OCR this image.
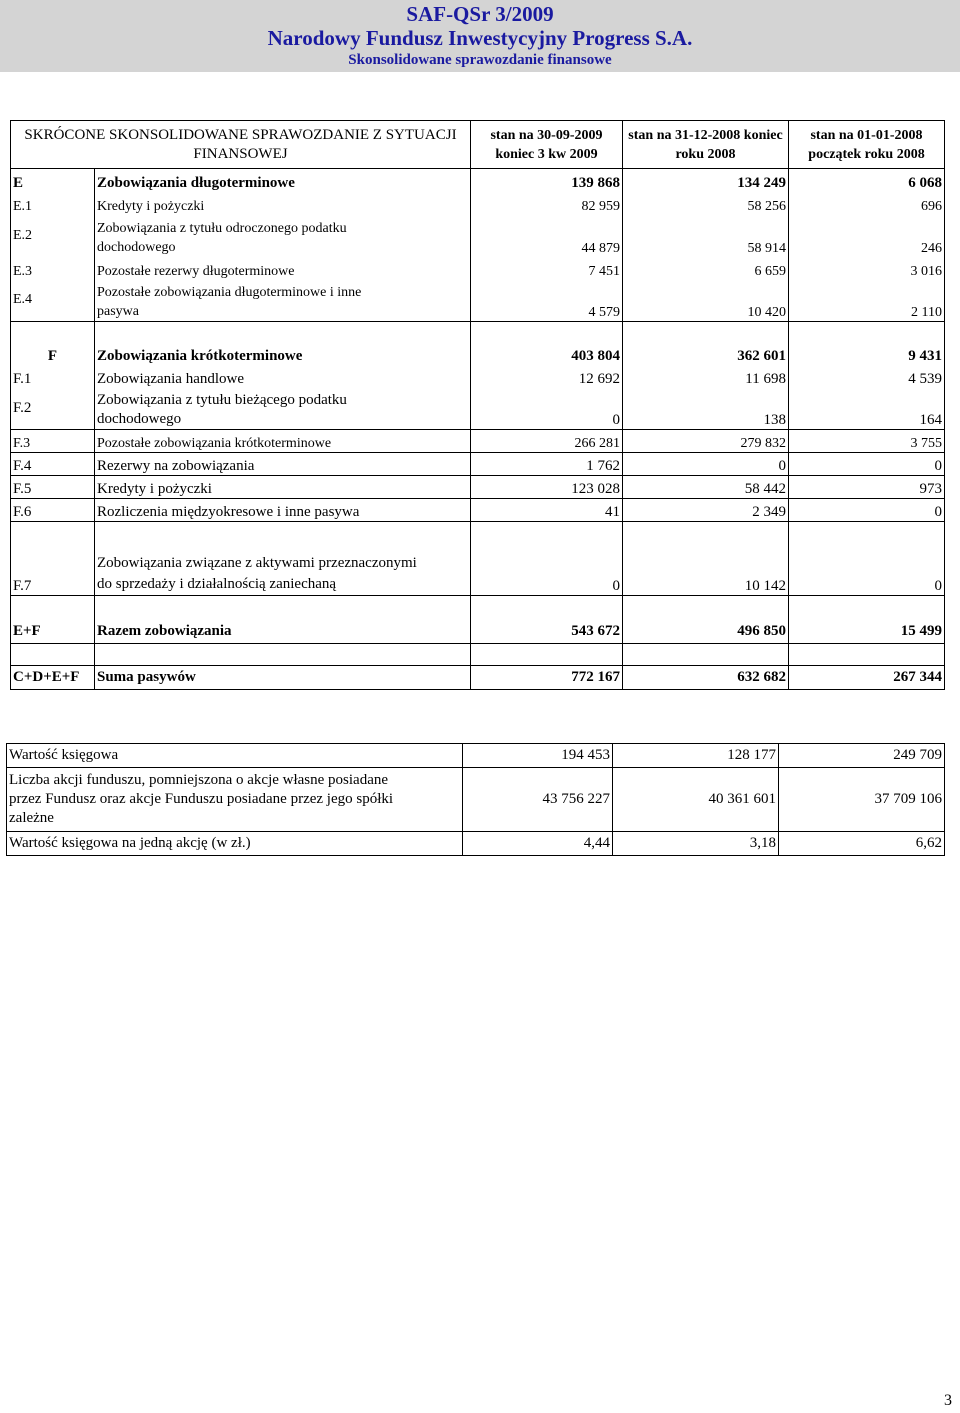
SAF-QSr 3/2009
Narodowy Fundusz Inwestycyjny Progress S.A.
Skonsolidowane sprawozdanie finansowe
SKRÓCONE SKONSOLIDOWANE SPRAWOZDANIE Z SYTUACJI FINANSOWEJ		stan na 30-09-2009 koniec 3 kw 2009	stan na 31-12-2008 koniec roku 2008	stan na 01-01-2008 początek roku 2008
E	Zobowiązania długoterminowe	139 868	134 249	6 068
E.1	Kredyty i pożyczki	82 959	58 256	696
E.2	Zobowiązania z tytułu odroczonego podatku
dochodowego	44 879	58 914	246
E.3	Pozostałe rezerwy długoterminowe	7 451	6 659	3 016
E.4	Pozostałe zobowiązania długoterminowe i inne
pasywa	4 579	10 420	2 110

F	Zobowiązania krótkoterminowe	403 804	362 601	9 431
F.1	Zobowiązania handlowe	12 692	11 698	4 539
F.2	Zobowiązania z tytułu bieżącego podatku
dochodowego	0	138	164
F.3	Pozostałe zobowiązania krótkoterminowe	266 281	279 832	3 755
F.4	Rezerwy na zobowiązania	1 762	0	0
F.5	Kredyty i pożyczki	123 028	58 442	973
F.6	Rozliczenia międzyokresowe i inne pasywa	41	2 349	0
F.7	Zobowiązania związane z aktywami przeznaczonymi
do sprzedaży i działalnością zaniechaną	0	10 142	0

E+F	Razem zobowiązania	543 672	496 850	15 499

C+D+E+F	Suma pasywów	772 167	632 682	267 344
Wartość księgowa	194 453	128 177	249 709

Liczba akcji funduszu, pomniejszona o akcje własne posiadane
przez Fundusz oraz akcje Funduszu posiadane przez jego spółki
zależne	43 756 227	40 361 601	37 709 106
Wartość księgowa na jedną akcję (w zł.)	4,44	3,18	6,62
3
